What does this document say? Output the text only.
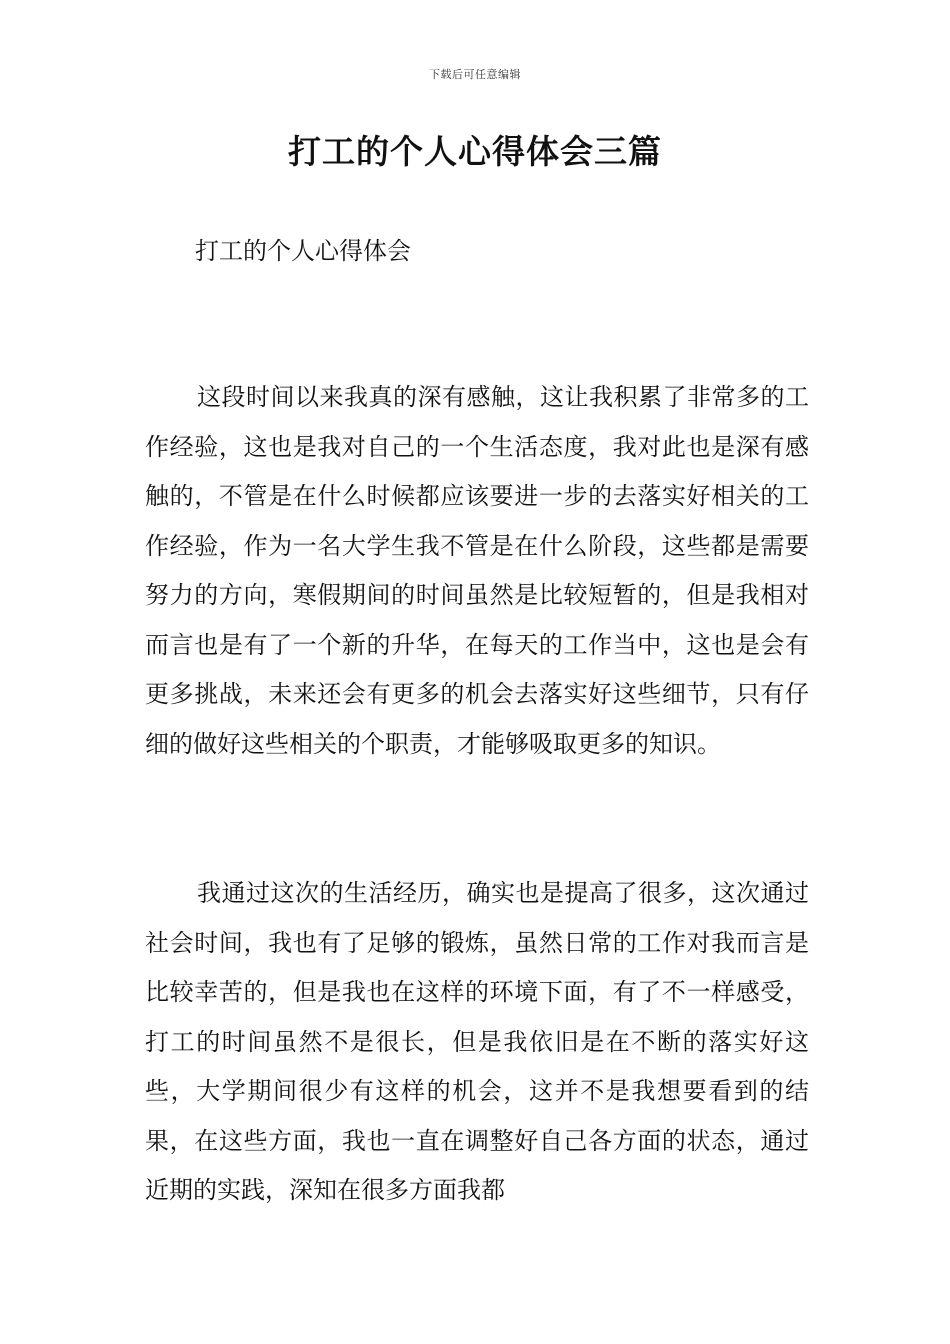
下载后可任意编辑
打工的个人心得体会三篇

打工的个人心得体会

这段时间以来我真的深有感触，这让我积累了非常多的工作经验，这也是我对自己的一个生活态度，我对此也是深有感触的，不管是在什么时候都应该要进一步的去落实好相关的工作经验，作为一名大学生我不管是在什么阶段，这些都是需要努力的方向，寒假期间的时间虽然是比较短暂的，但是我相对而言也是有了一个新的升华，在每天的工作当中，这也是会有更多挑战，未来还会有更多的机会去落实好这些细节，只有仔细的做好这些相关的个职责，才能够吸取更多的知识。

我通过这次的生活经历，确实也是提高了很多，这次通过社会时间，我也有了足够的锻炼，虽然日常的工作对我而言是比较幸苦的，但是我也在这样的环境下面，有了不一样感受，打工的时间虽然不是很长，但是我依旧是在不断的落实好这些，大学期间很少有这样的机会，这并不是我想要看到的结果，在这些方面，我也一直在调整好自己各方面的状态，通过近期的实践，深知在很多方面我都
